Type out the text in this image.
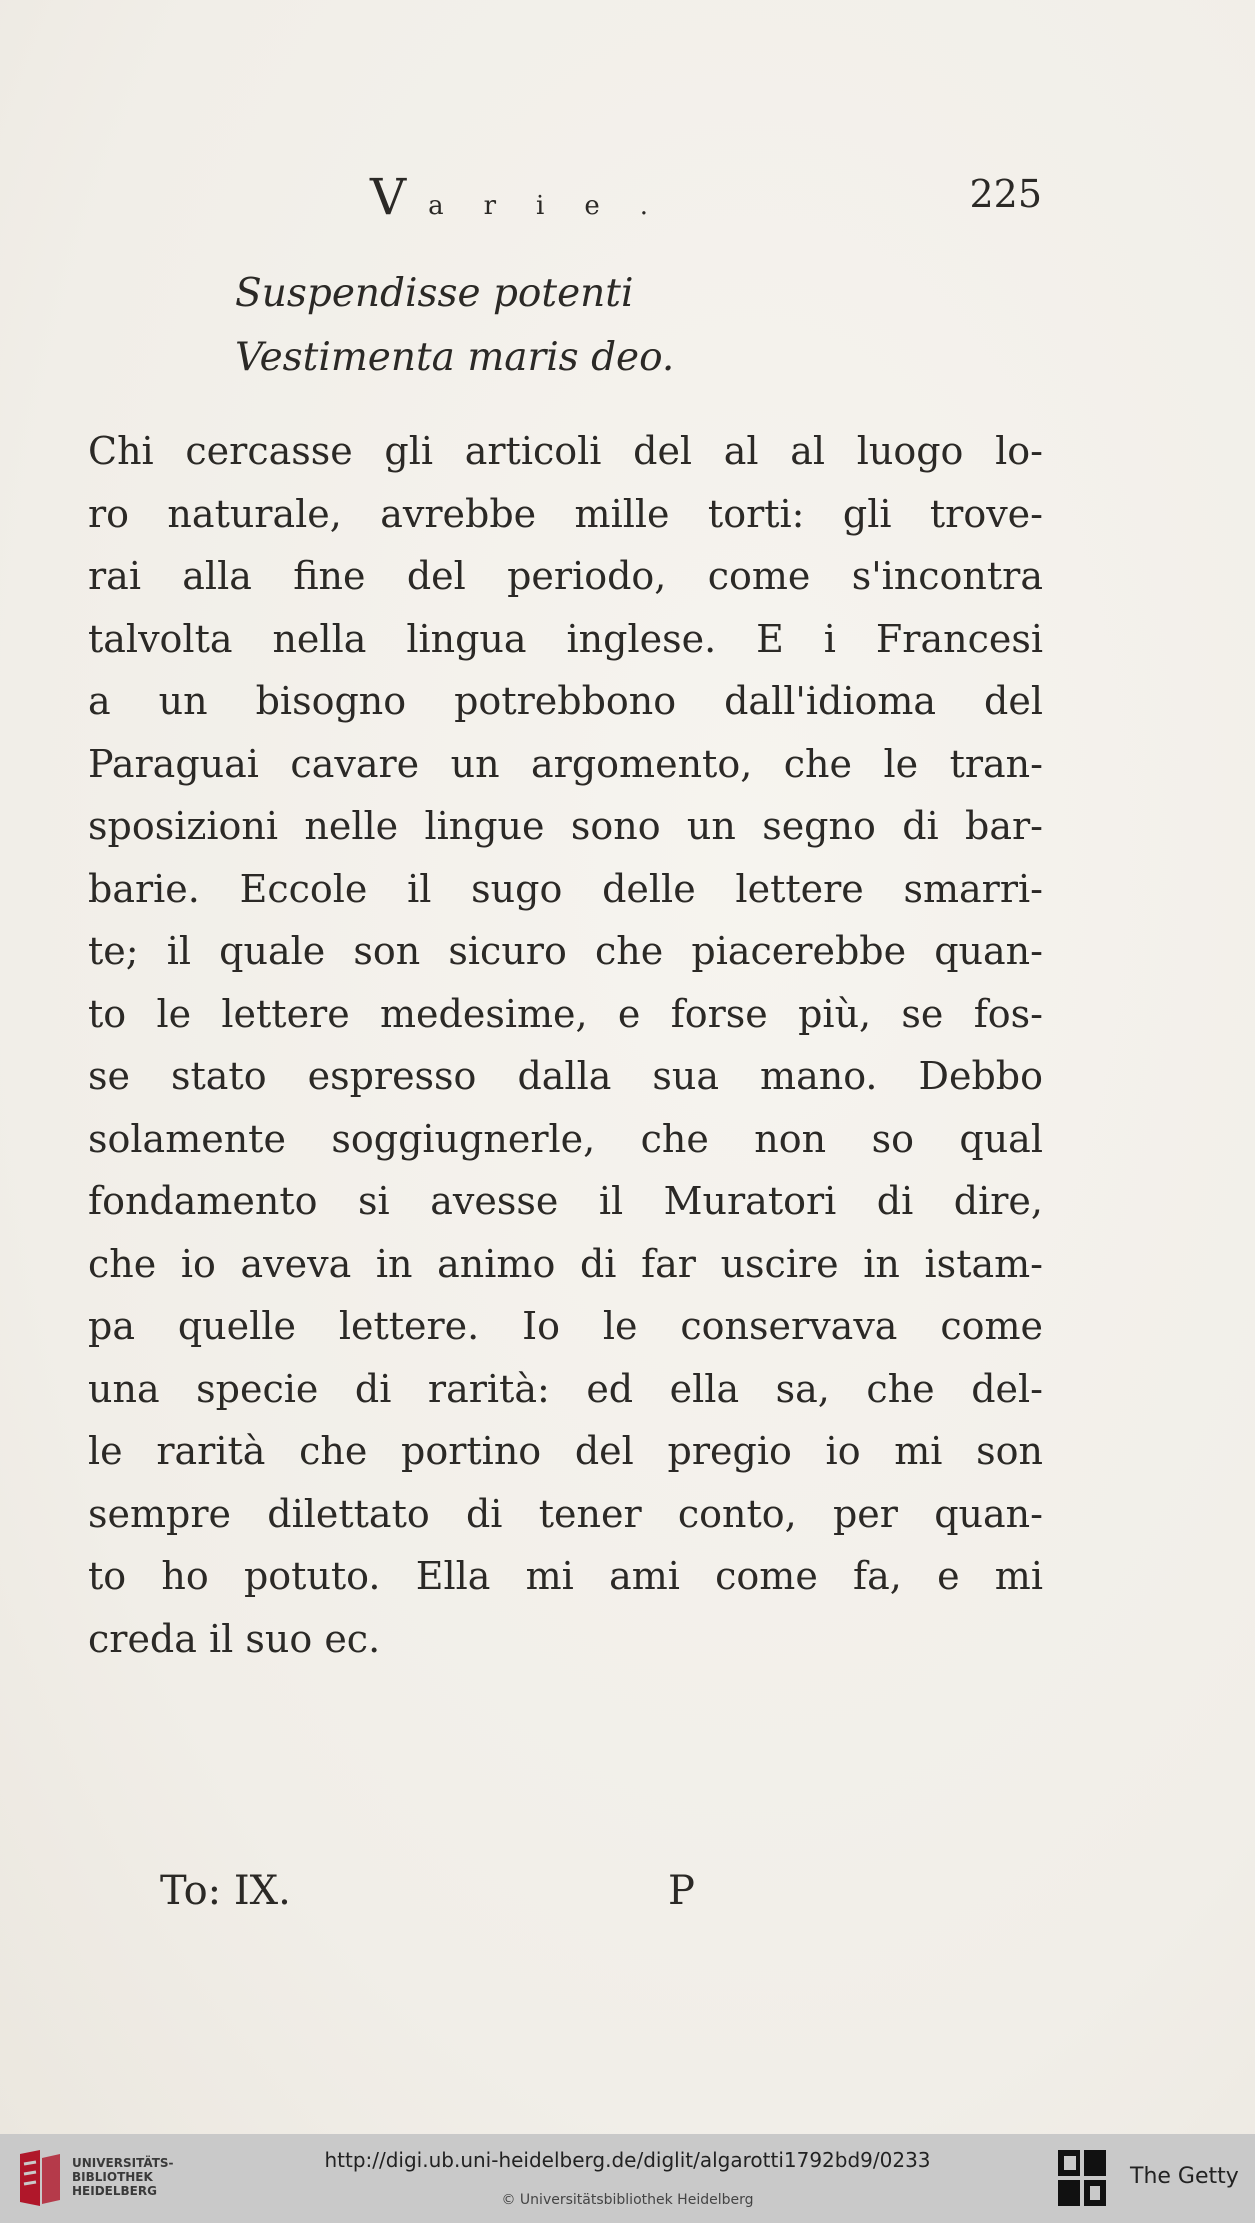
Varie.	225
Suspendisse potenti
Vestimenta maris deo.
Chi cercasse gli articoli del al al luogo lo-
ro naturale, avrebbe mille torti: gli trove-
rai alla fine del periodo, come s'incontra
talvolta nella lingua inglese. E i Francesi
a un bisogno potrebbono dall'idioma del
Paraguai cavare un argomento, che le tran-
sposizioni nelle lingue sono un segno di bar-
barie. Eccole il sugo delle lettere smarri-
te; il quale son sicuro che piacerebbe quan-
to le lettere medesime, e forse più, se fos-
se stato espresso dalla sua mano. Debbo
solamente soggiugnerle, che non so qual
fondamento si avesse il Muratori di dire,
che io aveva in animo di far uscire in istam-
pa quelle lettere. Io le conservava come
una specie di rarità: ed ella sa, che del-
le rarità che portino del pregio io mi son
sempre dilettato di tener conto, per quan-
to ho potuto. Ella mi ami come fa, e mi
creda il suo ec.
To: IX.	P
UNIVERSITÄTS-
BIBLIOTHEK
HEIDELBERG
http://digi.ub.uni-heidelberg.de/diglit/algarotti1792bd9/0233
© Universitätsbibliothek Heidelberg
The Getty
